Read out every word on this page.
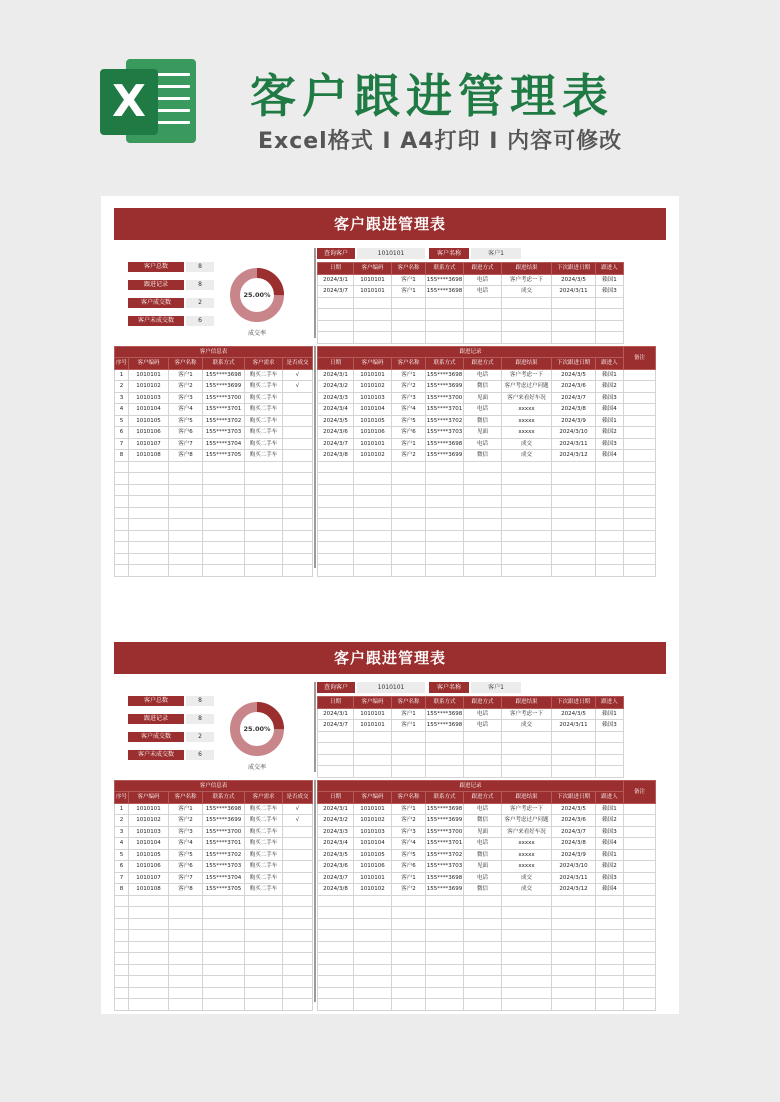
X 客户跟进管理表
Excel格式 I A4打印 I 内容可修改
客户跟进管理表
客户总数	8
跟进记录	8
客户成交数	2
客户未成交数	6
25.00%
成交率
查询客户	1010101	客户名称	客户1
日期	客户编码	客户名称	联系方式	跟进方式	跟进结果	下次跟进日期	跟进人
2024/3/1	1010101	客户1	155****3698	电话	客户考虑一下	2024/3/5	賴国1
2024/3/7	1010101	客户1	155****3698	电话	成交	2024/3/11	賴国3

客户信息表					
序号	客户编码	客户名称	联系方式	客户需求	是否成交
1	1010101	客户1	155****3698	购买二手车	√
2	1010102	客户2	155****3699	购买二手车	√
3	1010103	客户3	155****3700	购买二手车	
4	1010104	客户4	155****3701	购买二手车	
5	1010105	客户5	155****3702	购买二手车	
6	1010106	客户6	155****3703	购买二手车	
7	1010107	客户7	155****3704	购买二手车	
8	1010108	客户8	155****3705	购买二手车	

跟进记录								备注
日期	客户编码	客户名称	联系方式	跟进方式	跟进结果	下次跟进日期	跟进人	
2024/3/1	1010101	客户1	155****3698	电话	客户考虑一下	2024/3/5	賴国1	
2024/3/2	1010102	客户2	155****3699	微信	客户考虑过户问题	2024/3/6	賴国2	
2024/3/3	1010103	客户3	155****3700	见面	客户来看好车况	2024/3/7	賴国3	
2024/3/4	1010104	客户4	155****3701	电话	xxxxx	2024/3/8	賴国4	
2024/3/5	1010105	客户5	155****3702	微信	xxxxx	2024/3/9	賴国1	
2024/3/6	1010106	客户6	155****3703	见面	xxxxx	2024/3/10	賴国2	
2024/3/7	1010101	客户1	155****3698	电话	成交	2024/3/11	賴国3	
2024/3/8	1010102	客户2	155****3699	微信	成交	2024/3/12	賴国4	

客户跟进管理表
客户总数	8
跟进记录	8
客户成交数	2
客户未成交数	6
25.00%
成交率
查询客户	1010101	客户名称	客户1
日期	客户编码	客户名称	联系方式	跟进方式	跟进结果	下次跟进日期	跟进人
2024/3/1	1010101	客户1	155****3698	电话	客户考虑一下	2024/3/5	賴国1
2024/3/7	1010101	客户1	155****3698	电话	成交	2024/3/11	賴国3

客户信息表					
序号	客户编码	客户名称	联系方式	客户需求	是否成交
1	1010101	客户1	155****3698	购买二手车	√
2	1010102	客户2	155****3699	购买二手车	√
3	1010103	客户3	155****3700	购买二手车	
4	1010104	客户4	155****3701	购买二手车	
5	1010105	客户5	155****3702	购买二手车	
6	1010106	客户6	155****3703	购买二手车	
7	1010107	客户7	155****3704	购买二手车	
8	1010108	客户8	155****3705	购买二手车	

跟进记录								备注
日期	客户编码	客户名称	联系方式	跟进方式	跟进结果	下次跟进日期	跟进人	
2024/3/1	1010101	客户1	155****3698	电话	客户考虑一下	2024/3/5	賴国1	
2024/3/2	1010102	客户2	155****3699	微信	客户考虑过户问题	2024/3/6	賴国2	
2024/3/3	1010103	客户3	155****3700	见面	客户来看好车况	2024/3/7	賴国3	
2024/3/4	1010104	客户4	155****3701	电话	xxxxx	2024/3/8	賴国4	
2024/3/5	1010105	客户5	155****3702	微信	xxxxx	2024/3/9	賴国1	
2024/3/6	1010106	客户6	155****3703	见面	xxxxx	2024/3/10	賴国2	
2024/3/7	1010101	客户1	155****3698	电话	成交	2024/3/11	賴国3	
2024/3/8	1010102	客户2	155****3699	微信	成交	2024/3/12	賴国4	
